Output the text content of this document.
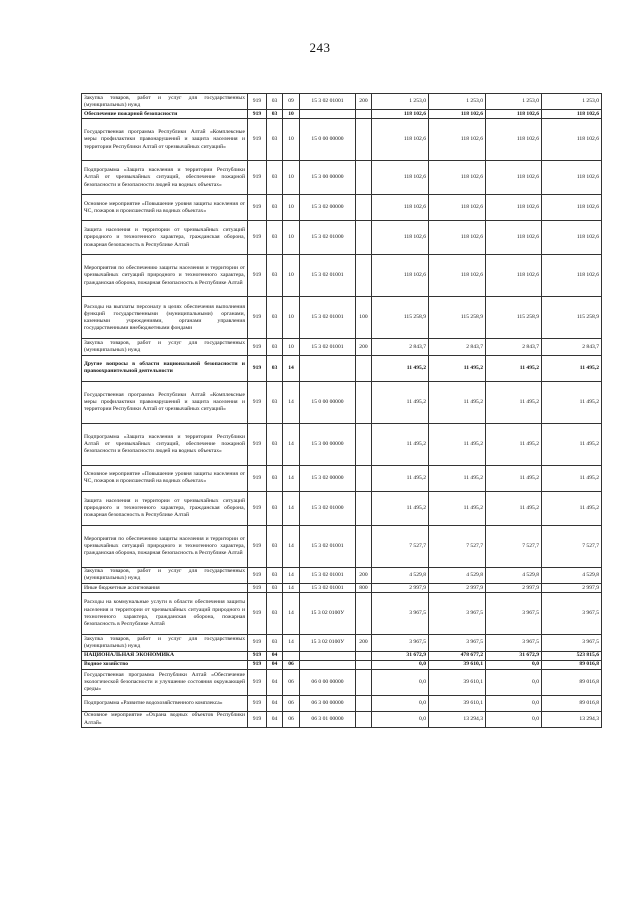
243
Закупка товаров, работ и услуг для государственных (муниципальных) нужд	919	03	09	15 3 02 01001	200	1 253,0	1 253,0	1 253,0	1 253,0
Обеспечение пожарной безопасности	919	03	10			118 102,6	118 102,6	118 102,6	118 102,6
Государственная программа Республики Алтай «Комплексные меры профилактики правонарушений и защита населения и территории Республики Алтай от чрезвычайных ситуаций»	919	03	10	15 0 00 00000		118 102,6	118 102,6	118 102,6	118 102,6
Подпрограмма «Защита населения и территории Республики Алтай от чрезвычайных ситуаций, обеспечение пожарной безопасности и безопасности людей на водных объектах»	919	03	10	15 3 00 00000		118 102,6	118 102,6	118 102,6	118 102,6
Основное мероприятие «Повышение уровня защиты населения от ЧС, пожаров и происшествий на водных объектах»	919	03	10	15 3 02 00000		118 102,6	118 102,6	118 102,6	118 102,6
Защита населения и территории от чрезвычайных ситуаций природного и техногенного характера, гражданская оборона, пожарная безопасность в Республике Алтай	919	03	10	15 3 02 01000		118 102,6	118 102,6	118 102,6	118 102,6
Мероприятия по обеспечению защиты населения и территории от чрезвычайных ситуаций природного и техногенного характера, гражданская оборона, пожарная безопасность в Республике Алтай	919	03	10	15 3 02 01001		118 102,6	118 102,6	118 102,6	118 102,6
Расходы на выплаты персоналу в целях обеспечения выполнения функций государственными (муниципальными) органами, казенными учреждениями, органами управления государственными внебюджетными фондами	919	03	10	15 3 02 01001	100	115 258,9	115 258,9	115 258,9	115 258,9
Закупка товаров, работ и услуг для государственных (муниципальных) нужд	919	03	10	15 3 02 01001	200	2 843,7	2 843,7	2 843,7	2 843,7
Другие вопросы в области национальной безопасности и правоохранительной деятельности	919	03	14			11 495,2	11 495,2	11 495,2	11 495,2
Государственная программа Республики Алтай «Комплексные меры профилактики правонарушений и защита населения и территории Республики Алтай от чрезвычайных ситуаций»	919	03	14	15 0 00 00000		11 495,2	11 495,2	11 495,2	11 495,2
Подпрограмма «Защита населения и территории Республики Алтай от чрезвычайных ситуаций, обеспечение пожарной безопасности и безопасности людей на водных объектах»	919	03	14	15 3 00 00000		11 495,2	11 495,2	11 495,2	11 495,2
Основное мероприятие «Повышение уровня защиты населения от ЧС, пожаров и происшествий на водных объектах»	919	03	14	15 3 02 00000		11 495,2	11 495,2	11 495,2	11 495,2
Защита населения и территории от чрезвычайных ситуаций природного и техногенного характера, гражданская оборона, пожарная безопасность в Республике Алтай	919	03	14	15 3 02 01000		11 495,2	11 495,2	11 495,2	11 495,2
Мероприятия по обеспечению защиты населения и территории от чрезвычайных ситуаций природного и техногенного характера, гражданская оборона, пожарная безопасность в Республике Алтай	919	03	14	15 3 02 01001		7 527,7	7 527,7	7 527,7	7 527,7
Закупка товаров, работ и услуг для государственных (муниципальных) нужд	919	03	14	15 3 02 01001	200	4 529,8	4 529,8	4 529,8	4 529,8
Иные бюджетные ассигнования	919	03	14	15 3 02 01001	800	2 997,9	2 997,9	2 997,9	2 997,9
Расходы на коммунальные услуги в области обеспечения защиты населения и территории от чрезвычайных ситуаций природного и техногенного характера, гражданская оборона, пожарная безопасность в Республике Алтай	919	03	14	15 3 02 0100У		3 967,5	3 967,5	3 967,5	3 967,5
Закупка товаров, работ и услуг для государственных (муниципальных) нужд	919	03	14	15 3 02 0100У	200	3 967,5	3 967,5	3 967,5	3 967,5
НАЦИОНАЛЬНАЯ ЭКОНОМИКА	919	04				31 672,9	478 677,2	31 672,9	523 815,6
Водное хозяйство	919	04	06			0,0	39 610,1	0,0	89 016,8
Государственная программа Республики Алтай «Обеспечение экологической безопасности и улучшение состояния окружающей среды»	919	04	06	06 0 00 00000		0,0	39 610,1	0,0	89 016,8
Подпрограмма «Развитие водохозяйственного комплекса»	919	04	06	06 3 00 00000		0,0	39 610,1	0,0	89 016,8
Основное мероприятие «Охрана водных объектов Республики Алтай»	919	04	06	06 3 01 00000		0,0	13 294,3	0,0	13 294,3
